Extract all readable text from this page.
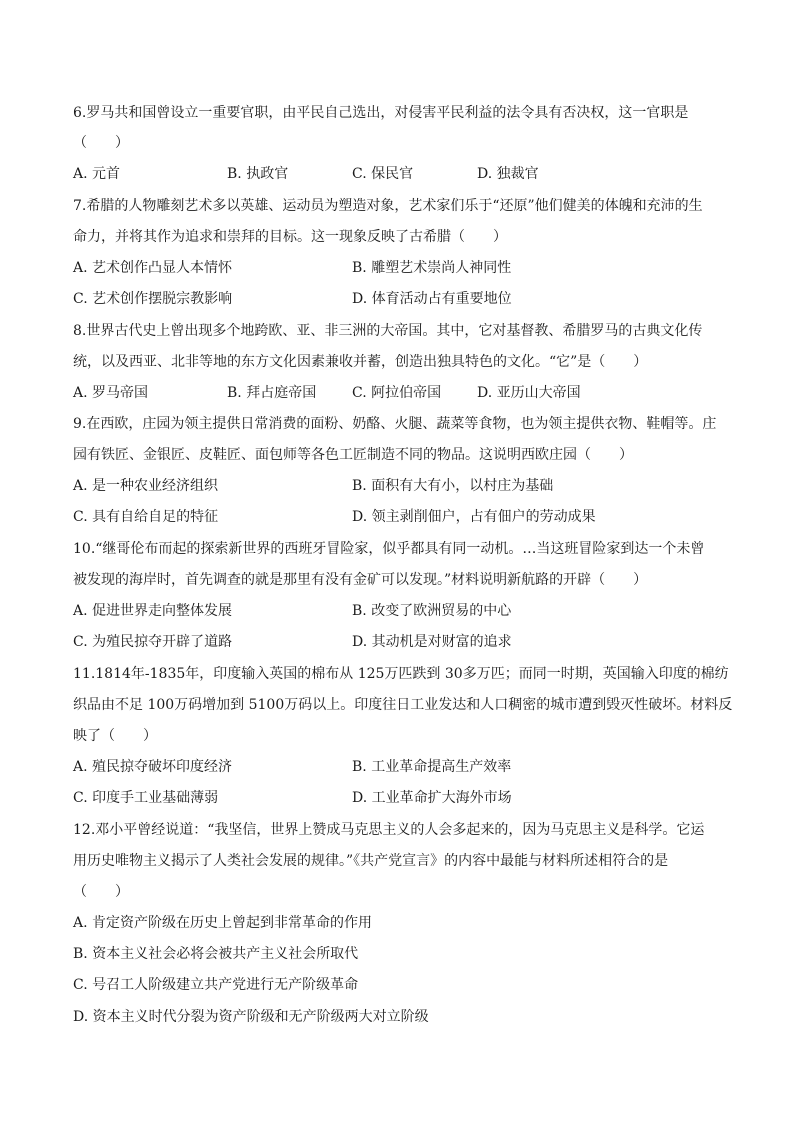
6.罗马共和国曾设立一重要官职，由平民自己选出，对侵害平民利益的法令具有否决权，这一官职是
（　　）
A. 元首	B. 执政官	C. 保民官	D. 独裁官
7.希腊的人物雕刻艺术多以英雄、运动员为塑造对象，艺术家们乐于“还原”他们健美的体魄和充沛的生
命力，并将其作为追求和崇拜的目标。这一现象反映了古希腊（　　）
A. 艺术创作凸显人本情怀	B. 雕塑艺术崇尚人神同性
C. 艺术创作摆脱宗教影响	D. 体育活动占有重要地位
8.世界古代史上曾出现多个地跨欧、亚、非三洲的大帝国。其中，它对基督教、希腊罗马的古典文化传
统，以及西亚、北非等地的东方文化因素兼收并蓄，创造出独具特色的文化。“它”是（　　）
A. 罗马帝国	B. 拜占庭帝国	C. 阿拉伯帝国	D. 亚历山大帝国
9.在西欧，庄园为领主提供日常消费的面粉、奶酪、火腿、蔬菜等食物，也为领主提供衣物、鞋帽等。庄
园有铁匠、金银匠、皮鞋匠、面包师等各色工匠制造不同的物品。这说明西欧庄园（　　）
A. 是一种农业经济组织	B. 面积有大有小，以村庄为基础
C. 具有自给自足的特征	D. 领主剥削佃户，占有佃户的劳动成果
10.“继哥伦布而起的探索新世界的西班牙冒险家，似乎都具有同一动机。…当这班冒险家到达一个未曾
被发现的海岸时，首先调查的就是那里有没有金矿可以发现。”材料说明新航路的开辟（　　）
A. 促进世界走向整体发展	B. 改变了欧洲贸易的中心
C. 为殖民掠夺开辟了道路	D. 其动机是对财富的追求
11.1814年-1835年，印度输入英国的棉布从 125万匹跌到 30多万匹；而同一时期，英国输入印度的棉纺
织品由不足 100万码增加到 5100万码以上。印度往日工业发达和人口稠密的城市遭到毁灭性破坏。材料反
映了（　　）
A. 殖民掠夺破坏印度经济	B. 工业革命提高生产效率
C. 印度手工业基础薄弱	D. 工业革命扩大海外市场
12.邓小平曾经说道：“我坚信，世界上赞成马克思主义的人会多起来的，因为马克思主义是科学。它运
用历史唯物主义揭示了人类社会发展的规律。”《共产党宣言》的内容中最能与材料所述相符合的是
（　　）
A. 肯定资产阶级在历史上曾起到非常革命的作用
B. 资本主义社会必将会被共产主义社会所取代
C. 号召工人阶级建立共产党进行无产阶级革命
D. 资本主义时代分裂为资产阶级和无产阶级两大对立阶级
